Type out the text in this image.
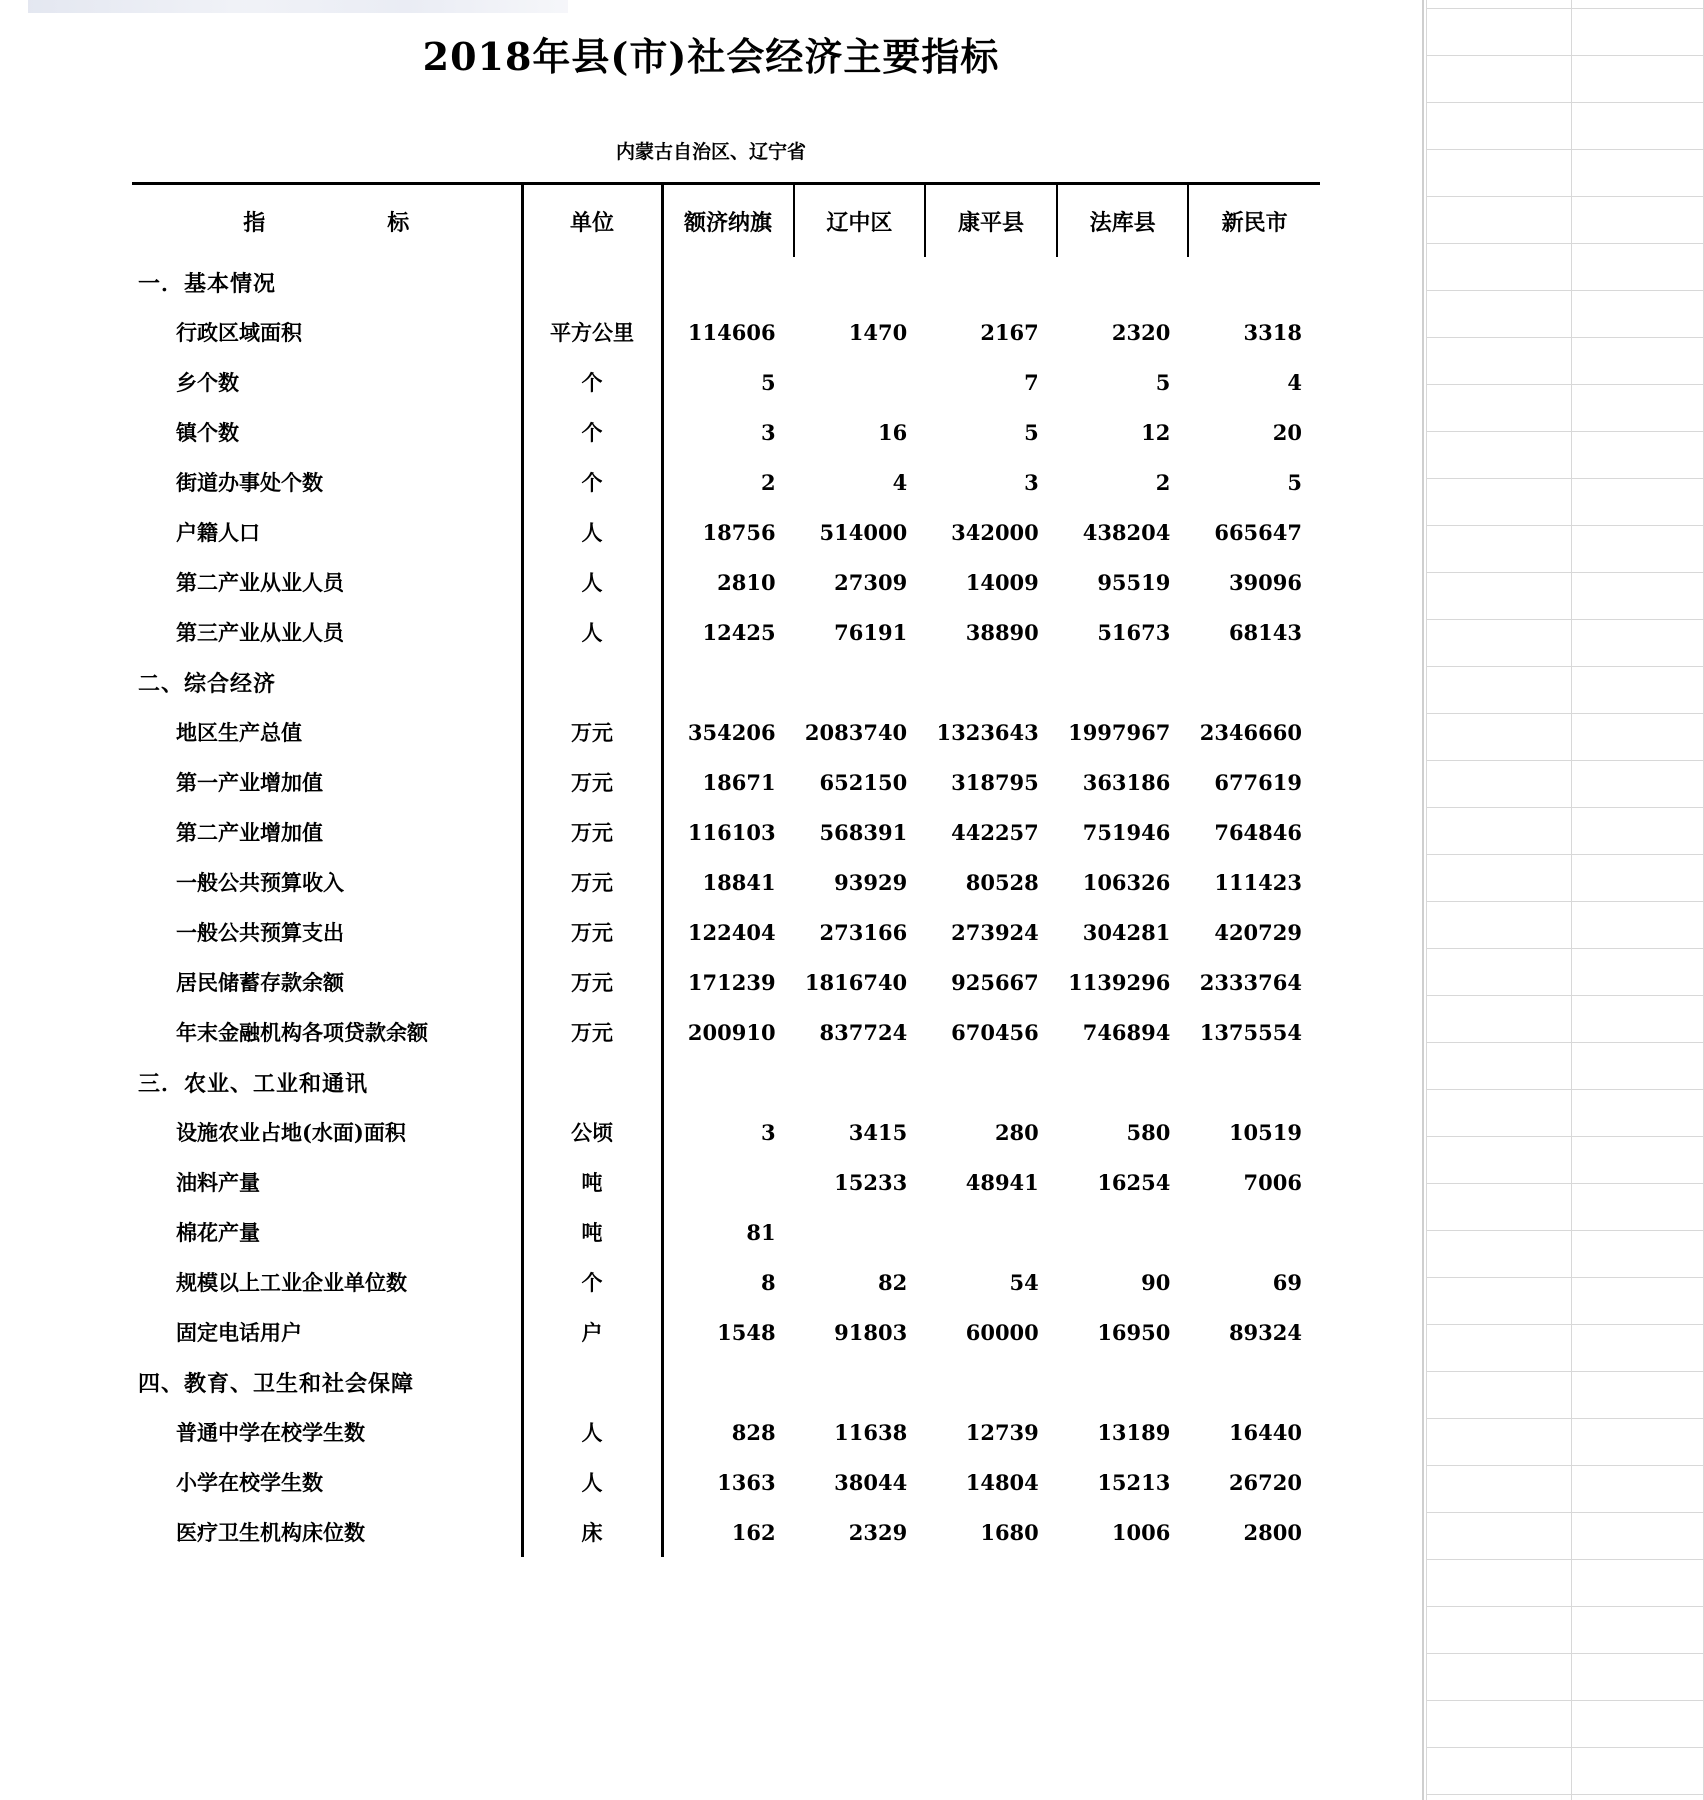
2018年县(市)社会经济主要指标
内蒙古自治区、辽宁省
指　　标	单位	额济纳旗	辽中区	康平县	法库县	新民市
一．基本情况						
行政区域面积	平方公里	114606	1470	2167	2320	3318
乡个数	个	5		7	5	4
镇个数	个	3	16	5	12	20
街道办事处个数	个	2	4	3	2	5
户籍人口	人	18756	514000	342000	438204	665647
第二产业从业人员	人	2810	27309	14009	95519	39096
第三产业从业人员	人	12425	76191	38890	51673	68143
二、综合经济						
地区生产总值	万元	354206	2083740	1323643	1997967	2346660
第一产业增加值	万元	18671	652150	318795	363186	677619
第二产业增加值	万元	116103	568391	442257	751946	764846
一般公共预算收入	万元	18841	93929	80528	106326	111423
一般公共预算支出	万元	122404	273166	273924	304281	420729
居民储蓄存款余额	万元	171239	1816740	925667	1139296	2333764
年末金融机构各项贷款余额	万元	200910	837724	670456	746894	1375554
三．农业、工业和通讯						
设施农业占地(水面)面积	公顷	3	3415	280	580	10519
油料产量	吨		15233	48941	16254	7006
棉花产量	吨	81				
规模以上工业企业单位数	个	8	82	54	90	69
固定电话用户	户	1548	91803	60000	16950	89324
四、教育、卫生和社会保障						
普通中学在校学生数	人	828	11638	12739	13189	16440
小学在校学生数	人	1363	38044	14804	15213	26720
医疗卫生机构床位数	床	162	2329	1680	1006	2800
